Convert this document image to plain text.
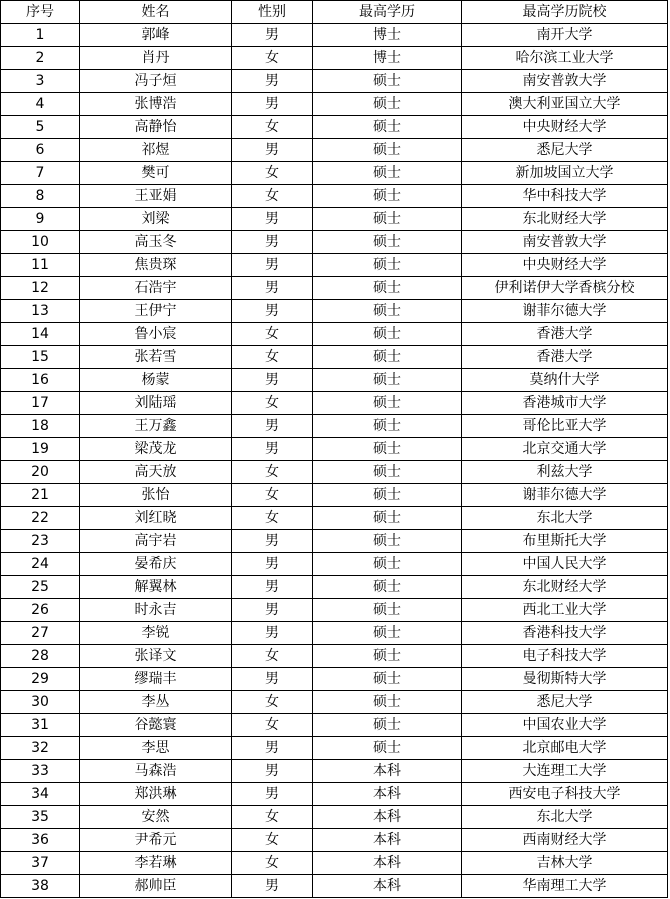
序号	姓名	性别	最高学历	最高学历院校
1	郭峰	男	博士	南开大学
2	肖丹	女	博士	哈尔滨工业大学
3	冯子烜	男	硕士	南安普敦大学
4	张博浩	男	硕士	澳大利亚国立大学
5	高静怡	女	硕士	中央财经大学
6	祁煜	男	硕士	悉尼大学
7	樊可	女	硕士	新加坡国立大学
8	王亚娟	女	硕士	华中科技大学
9	刘梁	男	硕士	东北财经大学
10	高玉冬	男	硕士	南安普敦大学
11	焦贵琛	男	硕士	中央财经大学
12	石浩宇	男	硕士	伊利诺伊大学香槟分校
13	王伊宁	男	硕士	谢菲尔德大学
14	鲁小宸	女	硕士	香港大学
15	张若雪	女	硕士	香港大学
16	杨蒙	男	硕士	莫纳什大学
17	刘陆瑶	女	硕士	香港城市大学
18	王万鑫	男	硕士	哥伦比亚大学
19	梁茂龙	男	硕士	北京交通大学
20	高天放	女	硕士	利兹大学
21	张怡	女	硕士	谢菲尔德大学
22	刘红晓	女	硕士	东北大学
23	高宇岩	男	硕士	布里斯托大学
24	晏希庆	男	硕士	中国人民大学
25	解翼林	男	硕士	东北财经大学
26	时永吉	男	硕士	西北工业大学
27	李锐	男	硕士	香港科技大学
28	张译文	女	硕士	电子科技大学
29	缪瑞丰	男	硕士	曼彻斯特大学
30	李丛	女	硕士	悉尼大学
31	谷懿寰	女	硕士	中国农业大学
32	李思	男	硕士	北京邮电大学
33	马森浩	男	本科	大连理工大学
34	郑洪琳	男	本科	西安电子科技大学
35	安然	女	本科	东北大学
36	尹希元	女	本科	西南财经大学
37	李若琳	女	本科	吉林大学
38	郝帅臣	男	本科	华南理工大学
